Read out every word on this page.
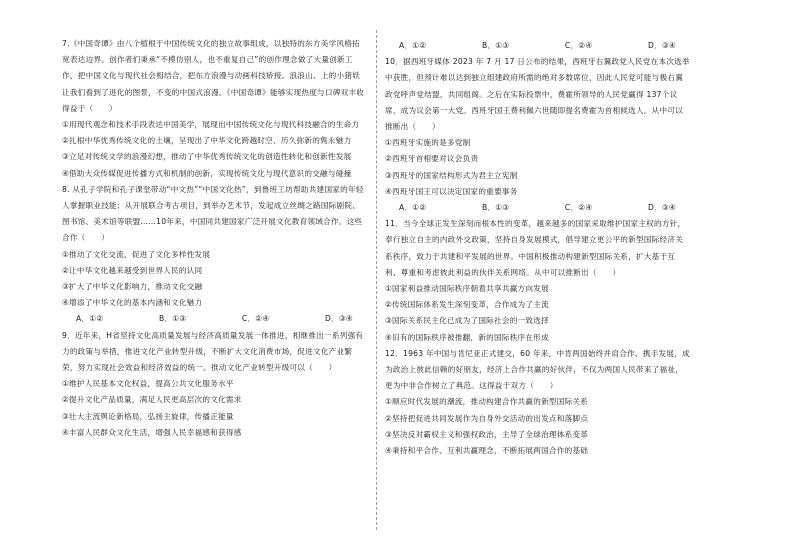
7.《中国奇谭》由八个植根于中国传统文化的独立故事组成，以独特的东方美学风格拓宽表达边界。创作者们秉承“不模仿别人，也不重复自己”的创作理念做了大量创新工作，把中国文化与现代社会相结合，把东方浪漫与动画科技矫接。浪浪山、上的小猪妖让我们看到了进化的图景，不变的中国式浪漫。《中国奇谭》能够实现热度与口碑双丰收得益于（　　）

①用现代观念和技术手段表达中国美学，展现出中国传统文化与现代科技融合的生命力

②扎根中华优秀传统文化的土壤，呈现出了中华文化跨越时空、历久弥新的隽永魅力

③立足对传统文学的浪漫幻想，推动了中华优秀传统文化的创造性转化和创新性发展

④借助大众传媒促进传播方式和机制的创新，实现传统文化与现代意识的交融与碰撞

8. 从孔子学院和孔子课堂带动“中文热”“中国文化热”，到鲁班工坊帮助共建国家的年轻人掌握职业技能；从开展联合考古项目，到举办艺术节，发起成立丝绸之路国际剧院、图书馆、美术馆等联盟……10年来，中国同共建国家广泛开展文化教育领域合作。这些合作（　　）

①推动了文化交流，促进了文化多样性发展

②让中华文化越来越受到世界人民的认同

③扩大了中华文化影响力，推动文化交融

④增添了中华文化的基本内涵和文化魅力

A．①②	B．①③	C．②④	D．③④

9．近年来，H省坚持文化高质量发展与经济高质量发展一体推进，相继推出一系列强有力的政策与举措，推进文化产业转型升级，不断扩大文化消费市场，促进文化产业繁荣，努力实现社会效益和经济效益的统一。推动文化产业转型升级可以（　　）

①维护人民基本文化权益，提高公共文化服务水平

②提升文化产品质量，满足人民更高层次的文化需求

③壮大主流舆论新格局，弘扬主旋律，传播正能量

④丰富人民群众文化生活，增强人民幸福感和获得感

A．①②	B．①③	C．②④	D．③④

10．据西班牙媒体 2023 年 7 月 17 日公布的结果，西班牙右翼政党人民党在本次选举中获胜，但预计难以达到独立组建政府所需的绝对多数席位，因此人民党可能与极右翼政党呼声党结盟，共同组阁。之后在实际投票中，费霍所领导的人民党赢得 137个议席，成为议会第一大党。西班牙国王费利佩六世随即提名费霍为首相候选人。从中可以推断出（　　）

①西班牙实施的是多党制

②西班牙首相要对议会负责

③西班牙的国家结构形式为君主立宪制

④西班牙国王可以决定国家的重要事务

A．①②	B．①③	C．②④	D．③④

11．当今全球正发生深刻而根本性的变革，越来越多的国家采取维护国家主权的方针，奉行独立自主的内政外交政策，坚持自身发展模式，倡导建立更公平的新型国际经济关系秩序，致力于共建和平发展的世界。中国积极推动构建新型国际关系，扩大基于互利、尊重和考虑彼此利益的伙伴关系网络。从中可以推断出（　　）

①国家利益推动国际秩序朝着共享共赢方向发展

②传统国际体系发生深刻变革，合作成为了主流

③国际关系民主化已成为了国际社会的一致选择

④旧有的国际秩序被推翻，新的国际秩序在形成

12．1963 年中国与肯尼亚正式建交，60 年来，中肯两国始终并肩合作、携手发展，成为政治上彼此信赖的好朋友，经济上合作共赢的好伙伴，不仅为两国人民带来了福祉，更为中非合作树立了典范。这得益于双方（　　）

①顺应时代发展的潮流，推动构建合作共赢的新型国际关系

②坚持把促进共同发展作为自身外交活动的出发点和落脚点

③坚决反对霸权主义和强权政治，主导了全球治理体系变革

④秉持和平合作、互利共赢理念，不断拓展两国合作的基础
